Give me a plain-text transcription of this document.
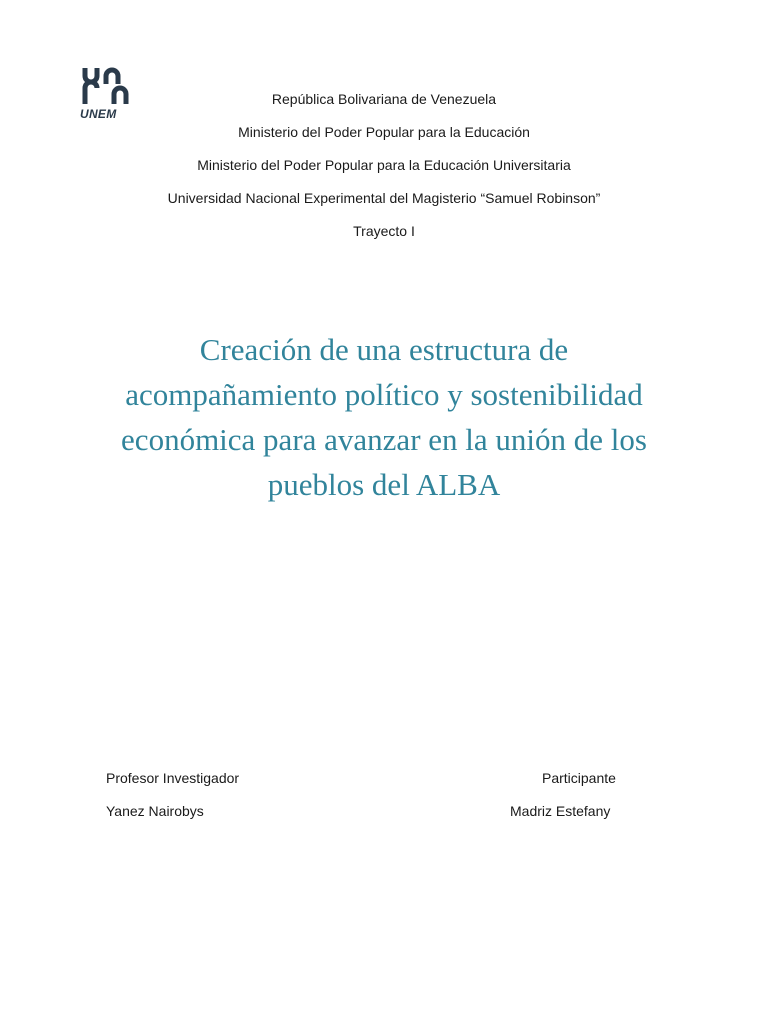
UNEM
República Bolivariana de Venezuela
Ministerio del Poder Popular para la Educación
Ministerio del Poder Popular para la Educación Universitaria
Universidad Nacional Experimental del Magisterio “Samuel Robinson”
Trayecto I
Creación de una estructura de
acompañamiento político y sostenibilidad
económica para avanzar en la unión de los
pueblos del ALBA
Profesor Investigador
Yanez Nairobys
Participante
Madriz Estefany
